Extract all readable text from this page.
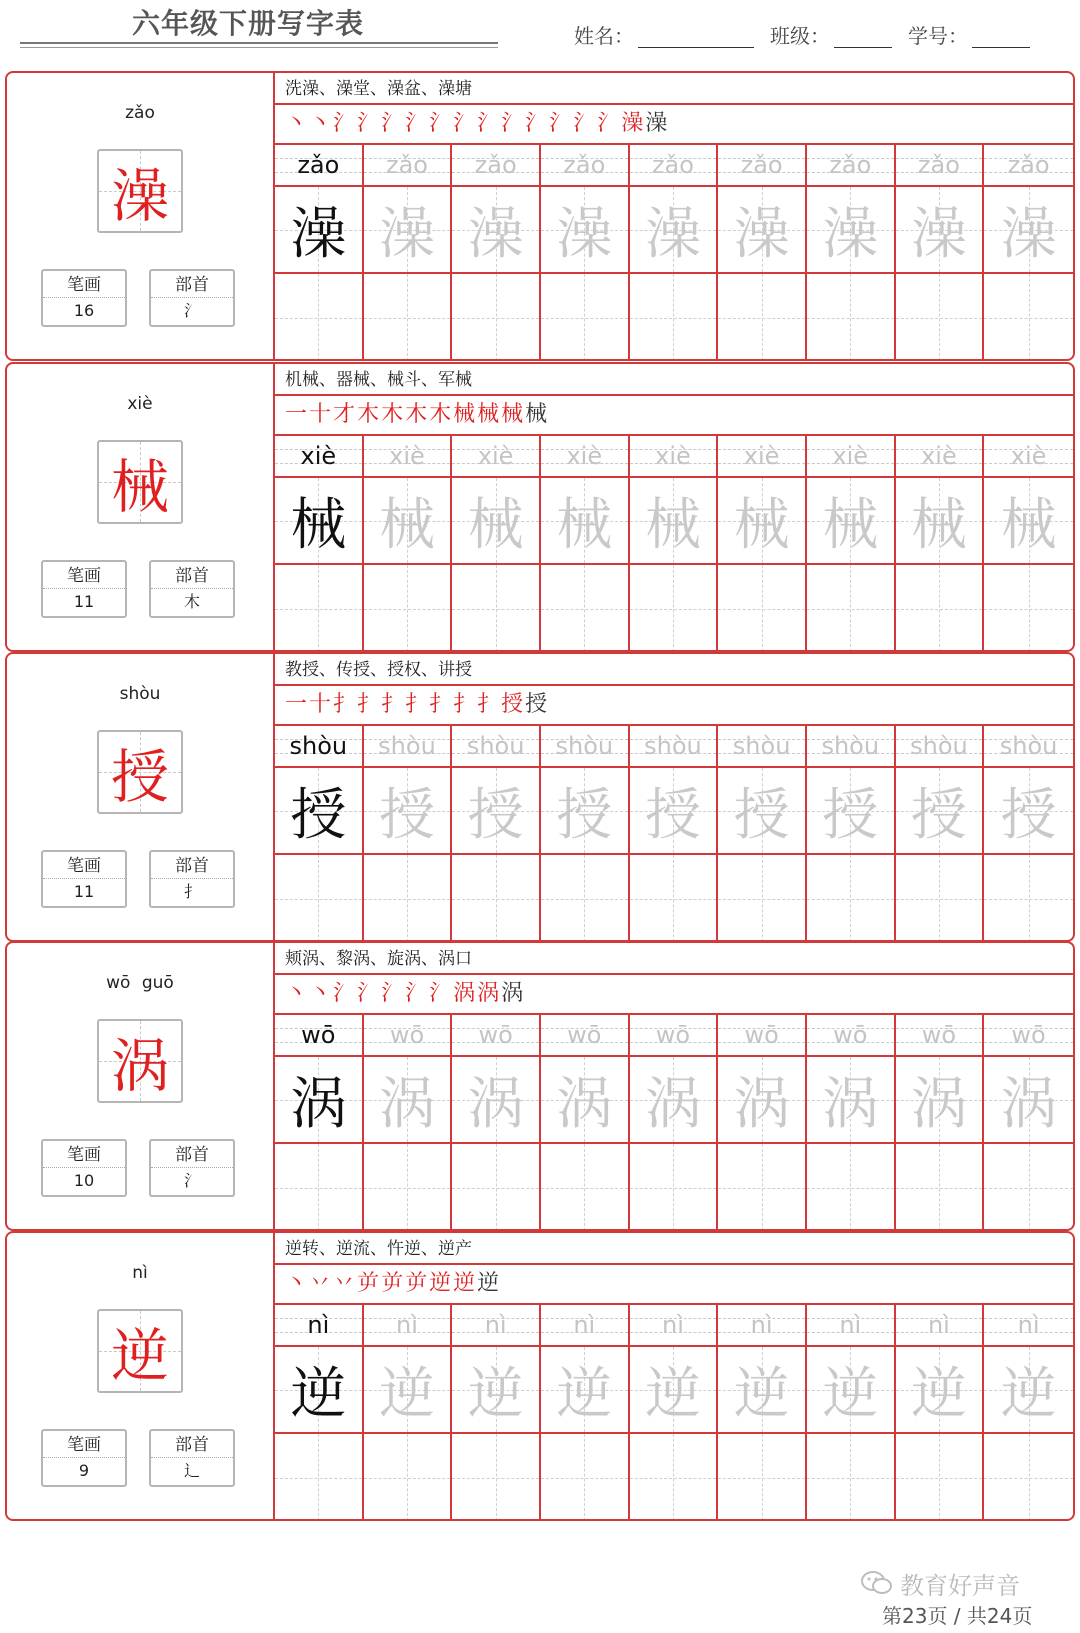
六年级下册写字表	姓名：	班级：	学号：
zǎo
澡
笔画
16
部首
氵
洗澡、澡堂、澡盆、澡塘
丶丶氵氵氵氵氵氵氵氵氵氵氵氵澡澡
zǎo	zǎo	zǎo	zǎo	zǎo	zǎo	zǎo	zǎo	zǎo
澡 澡 澡 澡 澡 澡 澡 澡 澡
xiè
械
笔画
11
部首
木
机械、器械、械斗、军械
一十才木木木木械械械械
xiè	xiè	xiè	xiè	xiè	xiè	xiè	xiè	xiè
械 械 械 械 械 械 械 械 械
shòu
授
笔画
11
部首
扌
教授、传授、授权、讲授
一十扌扌扌扌扌扌扌授授
shòu	shòu	shòu	shòu	shòu	shòu	shòu	shòu	shòu
授 授 授 授 授 授 授 授 授
wō guō
涡
笔画
10
部首
氵
颊涡、黎涡、旋涡、涡口
丶丶氵氵氵氵氵涡涡涡
wō	wō	wō	wō	wō	wō	wō	wō	wō
涡 涡 涡 涡 涡 涡 涡 涡 涡
nì
逆
笔画
9
部首
辶
逆转、逆流、忤逆、逆产
丶丷丷屰屰屰逆逆逆
nì	nì	nì	nì	nì	nì	nì	nì	nì
逆 逆 逆 逆 逆 逆 逆 逆 逆
教育好声音
第23页 / 共24页
